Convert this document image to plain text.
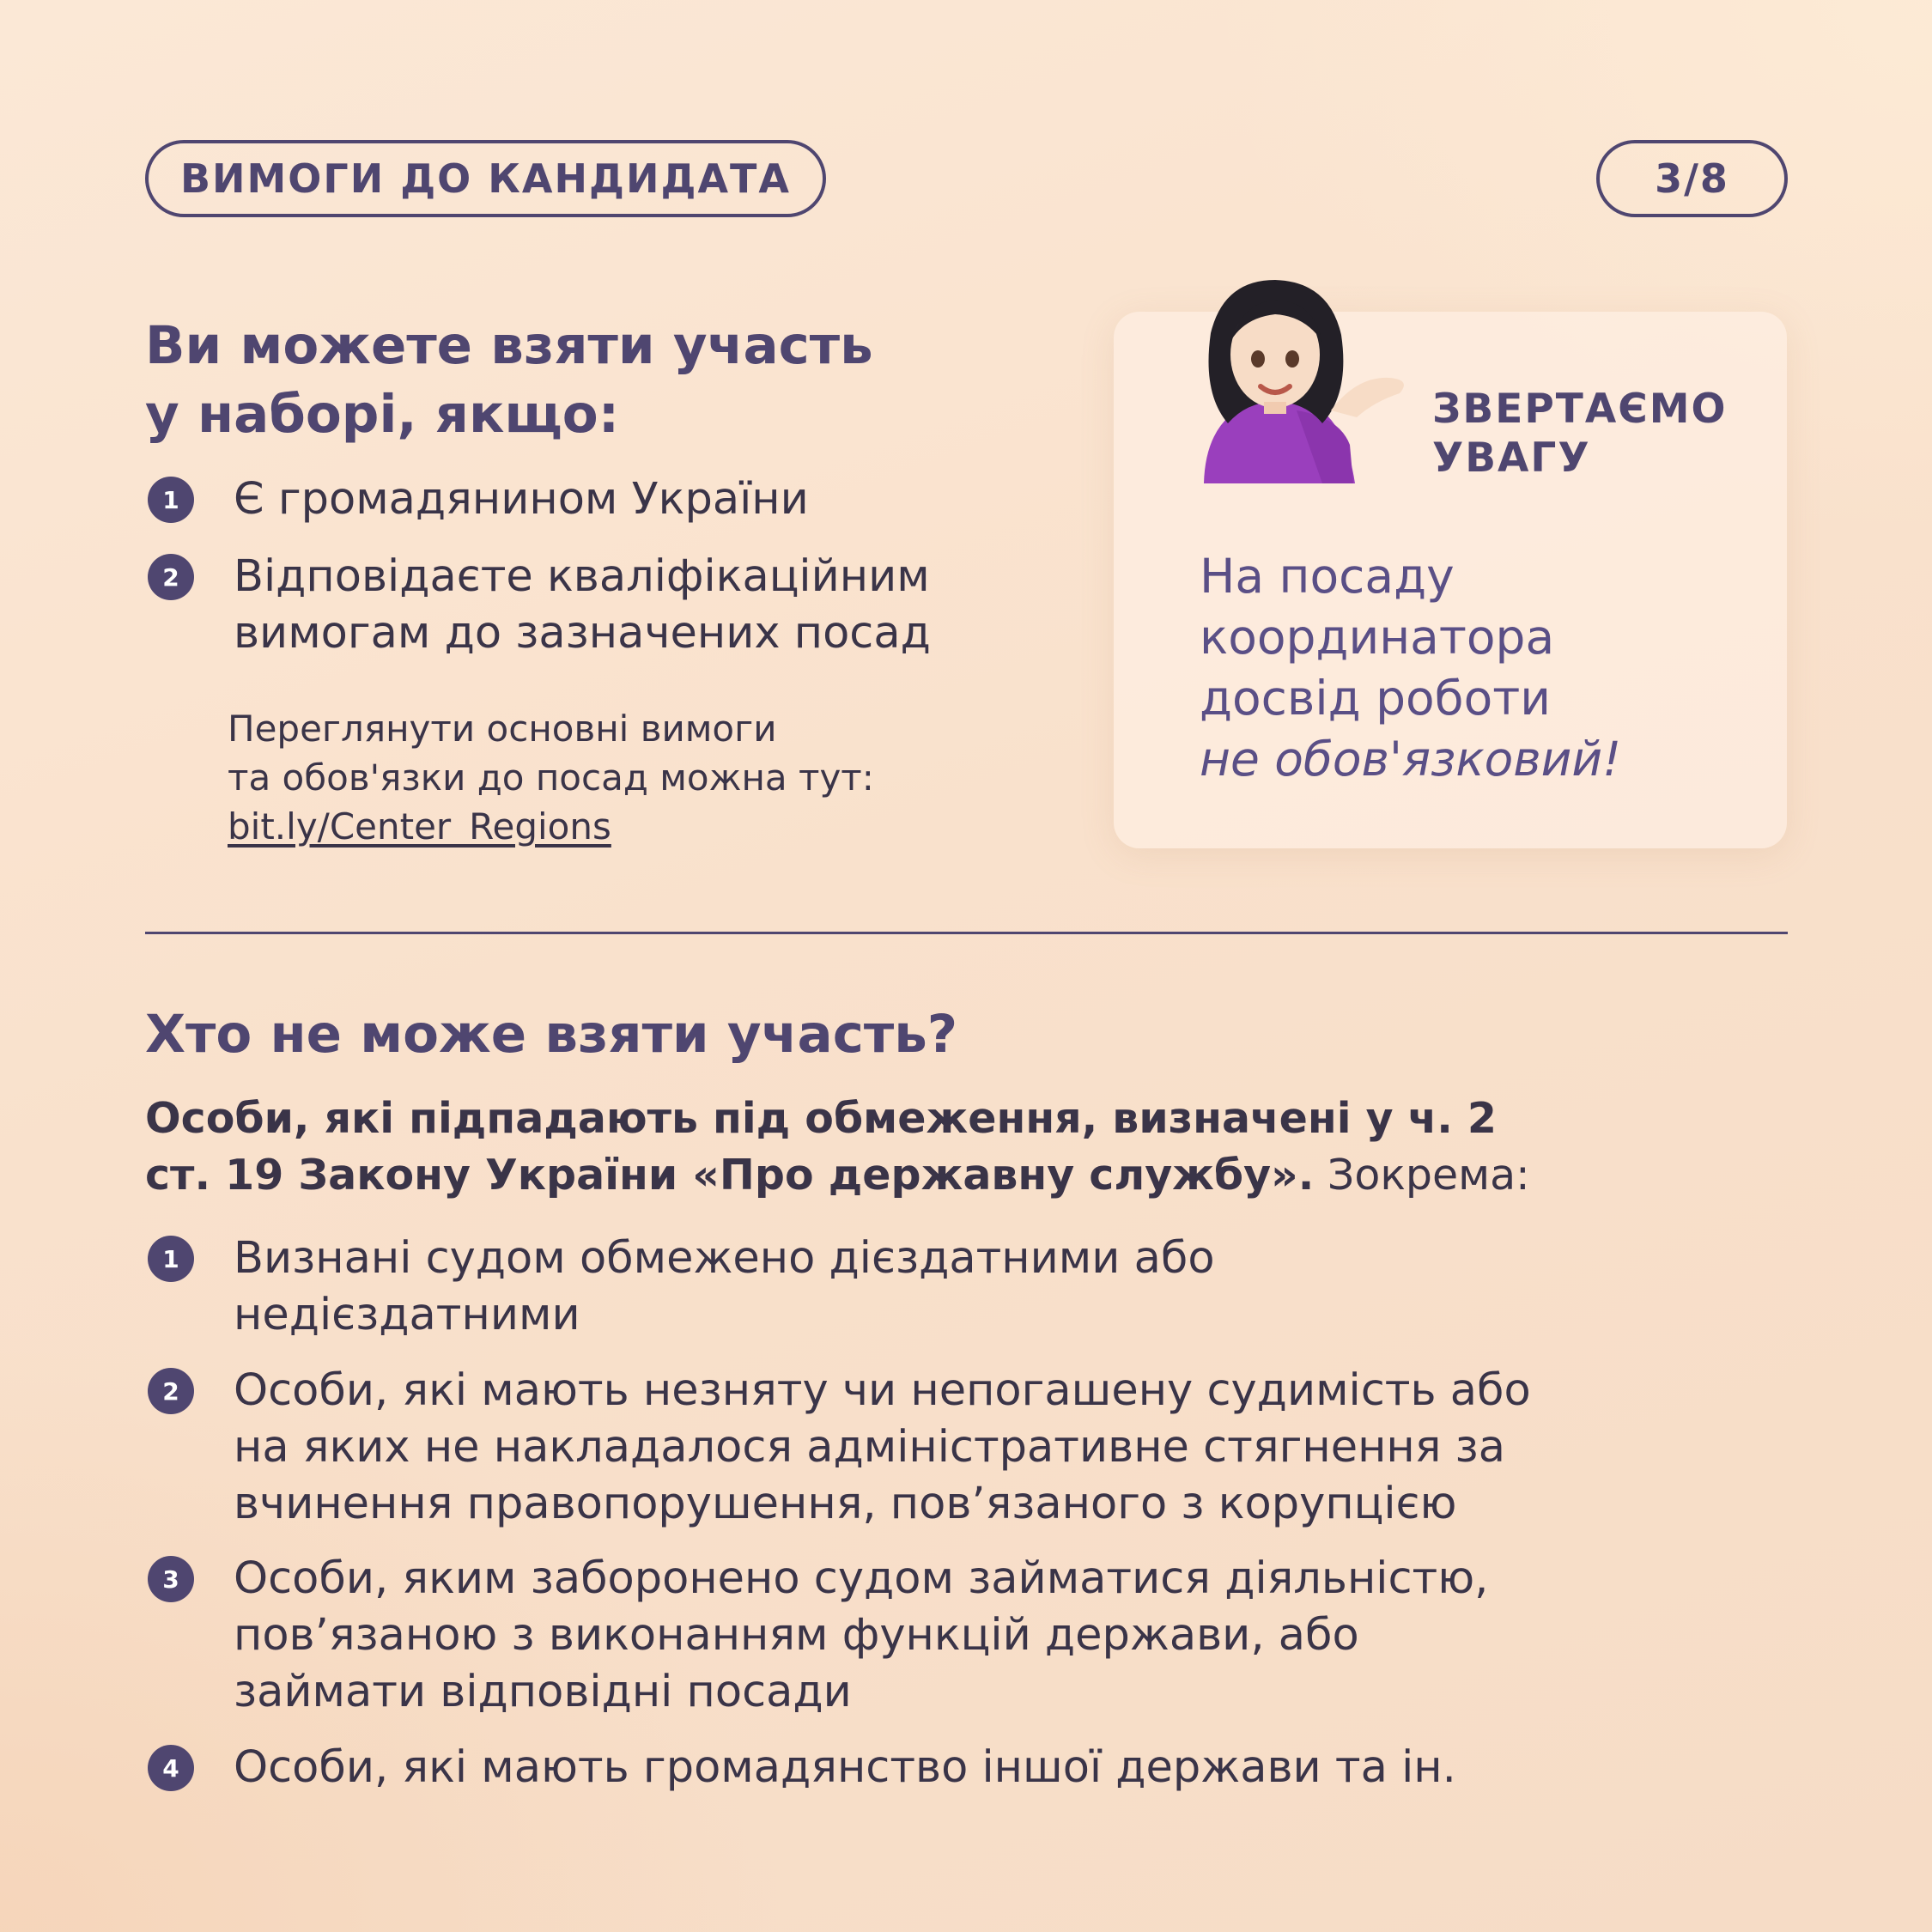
ВИМОГИ ДО КАНДИДАТА	3/8
Ви можете взяти участь
у наборі, якщо:
1	Є громадянином України
2	Відповідаєте кваліфікаційним
вимогам до зазначених посад
Переглянути основні вимоги
та обов'язки до посад можна тут:
bit.ly/Center_Regions
ЗВЕРТАЄМО
УВАГУ
На посаду
координатора
досвід роботи
не обов'язковий!
Хто не може взяти участь?
Особи, які підпадають під обмеження, визначені у ч. 2
ст. 19 Закону України «Про державну службу». Зокрема:
1	Визнані судом обмежено дієздатними або
недієздатними
2	Особи, які мають незняту чи непогашену судимість або
на яких не накладалося адміністративне стягнення за
вчинення правопорушення, пов’язаного з корупцією
3	Особи, яким заборонено судом займатися діяльністю,
пов’язаною з виконанням функцій держави, або
займати відповідні посади
4	Особи, які мають громадянство іншої держави та ін.
